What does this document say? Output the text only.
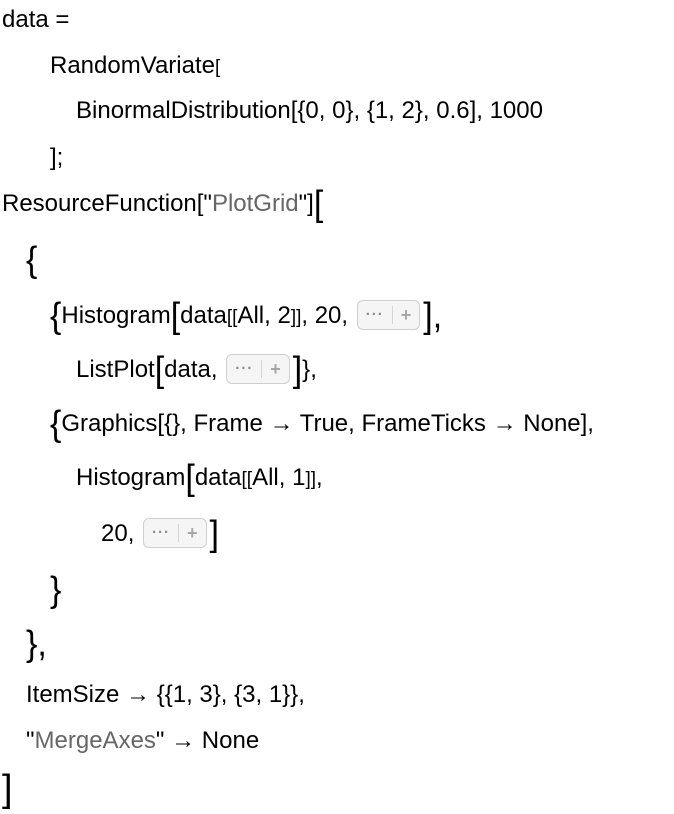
data =
RandomVariate[
BinormalDistribution[{0, 0}, {1, 2}, 0.6], 1000
];
ResourceFunction["PlotGrid"][
{
{Histogram[data[[All, 2]], 20, ··· + ],
ListPlot[data, ··· + ]},
{Graphics[{}, Frame → True, FrameTicks → None],
Histogram[data[[All, 1]],
20, ··· + ]
}
},
ItemSize → {{1, 3}, {3, 1}},
"MergeAxes" → None
]
